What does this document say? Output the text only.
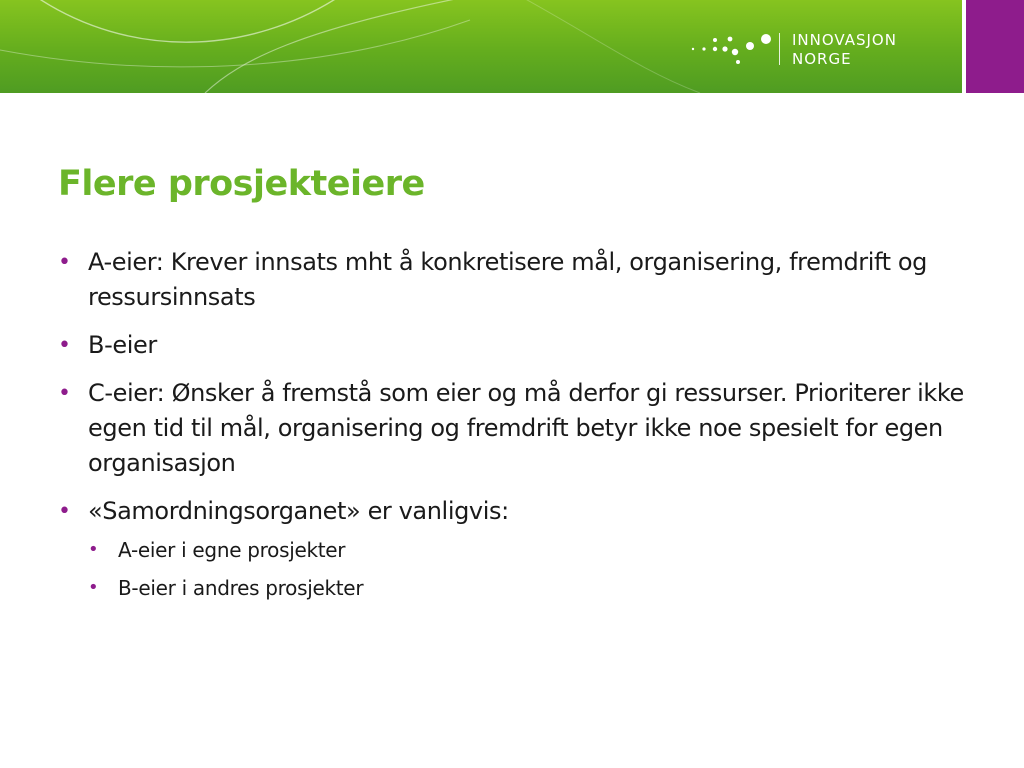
INNOVASJON
NORGE
Flere prosjekteiere
• A-eier: Krever innsats mht å konkretisere mål, organisering, fremdrift og ressursinnsats
• B-eier
• C-eier: Ønsker å fremstå som eier og må derfor gi ressurser. Prioriterer ikke egen tid til mål, organisering og fremdrift betyr ikke noe spesielt for egen organisasjon
• «Samordningsorganet» er vanligvis:
• A-eier i egne prosjekter
• B-eier i andres prosjekter
